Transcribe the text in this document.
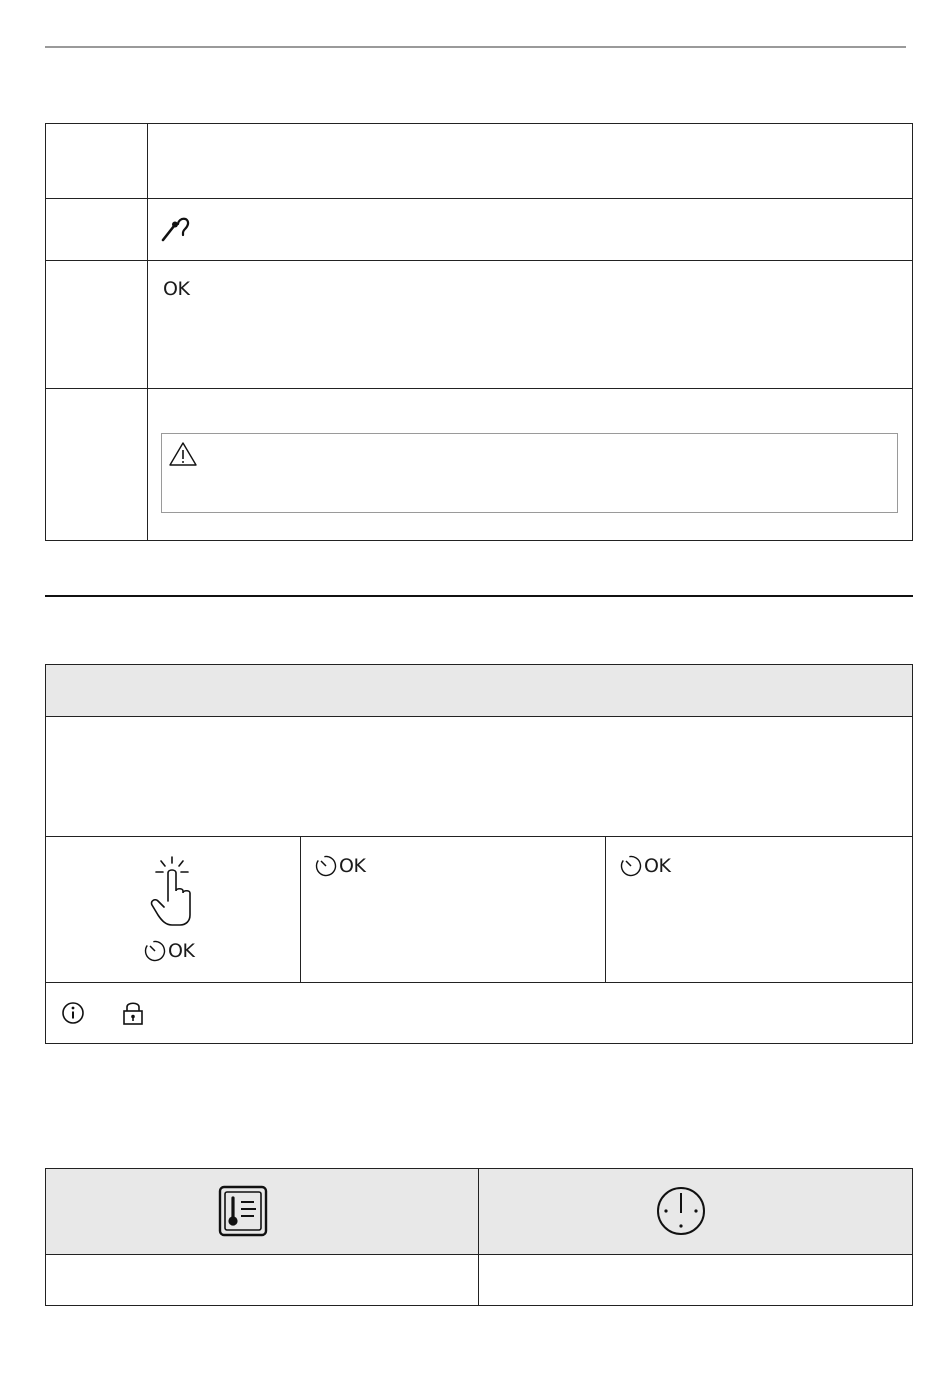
OK
OK
OK	OK
